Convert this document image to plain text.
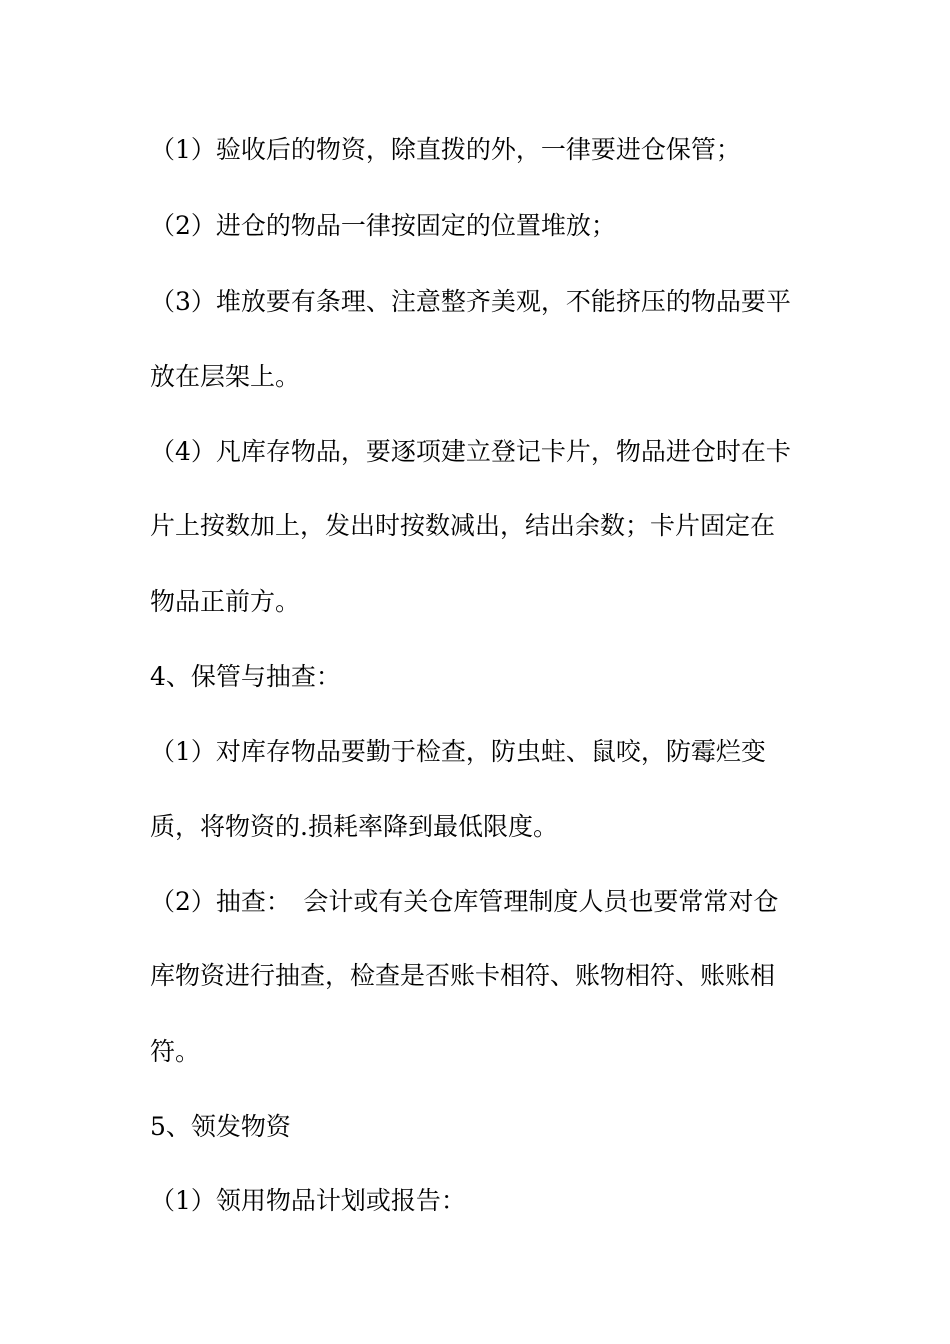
（1）验收后的物资，除直拨的外，一律要进仓保管；
（2）进仓的物品一律按固定的位置堆放；
（3）堆放要有条理、注意整齐美观，不能挤压的物品要平
放在层架上。
（4）凡库存物品，要逐项建立登记卡片，物品进仓时在卡
片上按数加上，发出时按数减出，结出余数；卡片固定在
物品正前方。
4、保管与抽查：
（1）对库存物品要勤于检查，防虫蛀、鼠咬，防霉烂变
质，将物资的.损耗率降到最低限度。
（2）抽查：　会计或有关仓库管理制度人员也要常常对仓
库物资进行抽查，检查是否账卡相符、账物相符、账账相
符。
5、领发物资
（1）领用物品计划或报告：
